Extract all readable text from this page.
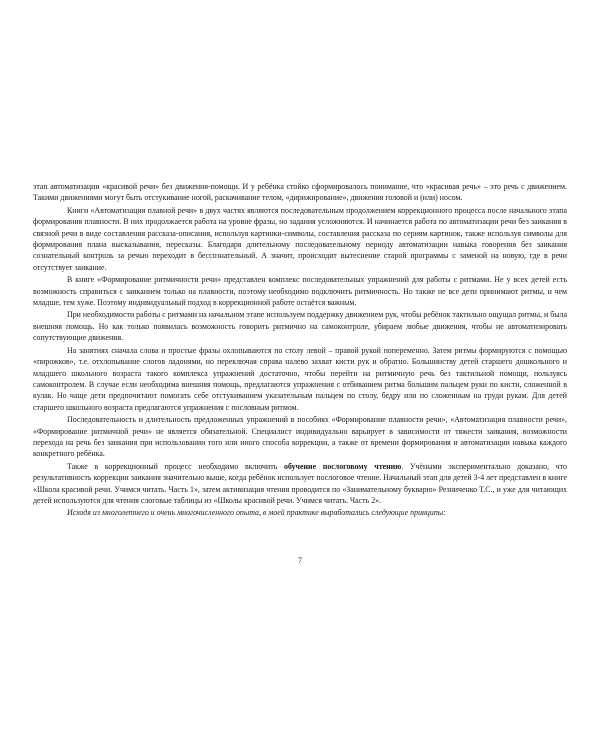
этап автоматизации «красивой речи» без движения-помощи. И у ребёнка стойко сформировалось понимание, что «красивая речь» – это речь с движением. Такими движениями могут быть отстукивание ногой, раскачивание телом, «дирижирование», движения головой и (или) носом.

Книги «Автоматизация плавной речи» в двух частях являются последовательным продолжением коррекционного процесса после начального этапа формирования плавности. В них продолжается работа на уровне фразы, но задания усложняются. И начинается работа по автоматизации речи без заикания в связной речи в виде составления рассказа-описания, используя картинки-символы, составления рассказа по сериям картинок, также используя символы для формирования плана высказывания, пересказы. Благодаря длительному последовательному периоду автоматизации навыка говорения без заикания сознательный контроль за речью переходит в бессознательный. А значит, происходит вытеснение старой программы с заменой на новую, где в речи отсутствует заикание.

В книге «Формирование ритмичности речи» представлен комплекс последовательных упражнений для работы с ритмами. Не у всех детей есть возможность справиться с заиканием только на плавности, поэтому необходимо подключить ритмичность. Но также не все дети принимают ритмы, и чем младше, тем хуже. Поэтому индивидуальный подход в коррекционной работе остаётся важным.

При необходимости работы с ритмами на начальном этапе используем поддержку движением рук, чтобы ребёнок тактильно ощущал ритмы, и была внешняя помощь. Но как только появилась возможность говорить ритмично на самоконтроле, убираем любые движения, чтобы не автоматизировать сопутствующие движения.

На занятиях сначала слова и простые фразы охлопываются по столу левой – правой рукой попеременно. Затем ритмы формируются с помощью «пирожков», т.е. отхлопывание слогов ладонями, но переключая справа налево захват кисти рук и обратно. Большинству детей старшего дошкольного и младшего школьного возраста такого комплекса упражнений достаточно, чтобы перейти на ритмичную речь без тактильной помощи, пользуясь самоконтролем. В случае если необходима внешняя помощь, предлагаются упражнения с отбиванием ритма большим пальцем руки по кисти, сложенной в кулак. Но чаще дети предпочитают помогать себе отстукиванием указательным пальцем по столу, бедру или по сложенным на груди рукам. Для детей старшего школьного возраста предлагаются упражнения с пословным ритмом.

Последовательность и длительность предложенных упражнений в пособиях «Формирование плавности речи», «Автоматизация плавности речи», «Формирование ритмичной речи» не является обязательной. Специалист индивидуально варьирует в зависимости от тяжести заикания, возможности перехода на речь без заикания при использовании того или иного способа коррекции, а также от времени формирования и автоматизации навыка каждого конкретного ребёнка.

Также в коррекционный процесс необходимо включить обучение послоговому чтению. Учёными экспериментально доказано, что результативность коррекции заикания значительно выше, когда ребёнок использует послоговое чтение. Начальный этап для детей 3-4 лет представлен в книге «Школа красивой речи. Учимся читать. Часть 1», затем активизация чтения проводится по «Занимательному букварю» Резниченко Т.С., и уже для читающих детей используются для чтения слоговые таблицы из «Школы красивой речи. Учимся читать. Часть 2».

Исходя из многолетнего и очень многочисленного опыта, в моей практике выработались следующие принципы:

7
